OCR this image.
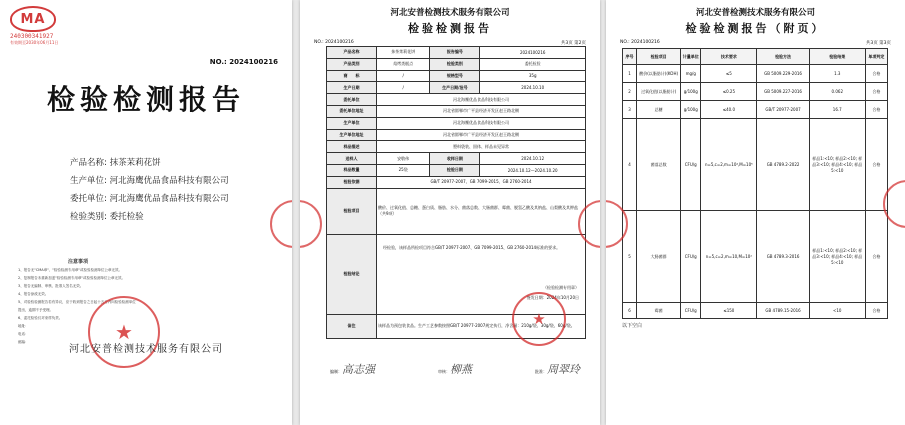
MA
240300341927
有效期至2030年06月11日
NO.: 2024100216
检验检测报告
产品名称: 抹茶茉莉花饼
生产单位: 河北海鹰优品食品科技有限公司
委托单位: 河北海鹰优品食品科技有限公司
检验类别: 委托检验
注意事项
1、报告无"CMA章"、"检验检测专用章"或检验检测单位公章无效。
2、复制报告未重新加盖"检验检测专用章"或检验检测单位公章无效。
3、报告无编制、审核、批准人签名无效。
4、报告涂改无效。
5、对检验检测报告若有异议，应于收到报告之日起十五日内向检验检测单位提出，逾期不予受理。
6、委托检验仅对来样负责。
地址：
电话：
邮编：	★
河北安普检测技术服务有限公司
河北安普检测技术服务有限公司
检验检测报告
NO.: 2024100216	共3页 第2页
产品名称	抹茶茉莉花饼	报告编号	2024100216
产品类别	焙烤类糕点	检验类别	委托检验
商　　标	/	规格型号	35g
生产日期	/	生产日期/批号	2024.10.10
委托单位	河北海鹰优品食品科技有限公司		
委托单位地址	河北省邯郸市广平县经济开发区赵王路北侧		
生产单位	河北海鹰优品食品科技有限公司		
生产单位地址	河北省邯郸市广平县经济开发区赵王路北侧		
样品描述	塑料袋装、固体、样品未见异常		
送样人	安敬伟	收样日期	2024.10.12
样品数量	25袋	检验日期	2024.10.12—2024.10.20
检验依据	GB/T 20977-2007、GB 7099-2015、GB 2760-2014		
检验项目	酸价、过氧化值、总糖、蛋白质、脂肪、水分、菌落总数、大肠菌群、霉菌、脱氢乙酸及其钠盐、山梨酸及其钾盐（共9项）		
检验结论	经检验，该样品所检项目符合GB/T 20977-2007、GB 7099-2015、GB 2760-2014标准的要求。
（检验检测专用章）
签发日期：2024年10月20日		

备注	该样品为预包装食品。生产工艺参数按照GB/T 20977-2007规定执行，净含量：210g/袋、30g/袋、60g/袋。		
★
编制：高志强	审核：柳燕	批准：周翠玲
河北安普检测技术服务有限公司
检验检测报告（附页）
NO.: 2024100216	共3页 第3页
序号	检验项目	计量单位	技术要求	检验方法	检验结果	单项判定
1	酸价(以脂肪计)(KOH)	mg/g	≤5	GB 5009.229-2016	1.3	合格
2	过氧化值(以脂肪计)	g/100g	≤0.25	GB 5009.227-2016	0.062	合格
3	总糖	g/100g	≤40.0	GB/T 20977-2007	16.7	合格
4	菌落总数	CFU/g	n=5,c=2,m=10⁴,M=10⁵	GB 4789.2-2022	样品1:<10; 样品2:<10; 样品3:<10; 样品4:<10; 样品5:<10	合格
5	大肠菌群	CFU/g	n=5,c=2,m=10,M=10²	GB 4789.3-2016	样品1:<10; 样品2:<10; 样品3:<10; 样品4:<10; 样品5:<10	合格
6	霉菌	CFU/g	≤150	GB 4789.15-2016	<10	合格
以下空白
